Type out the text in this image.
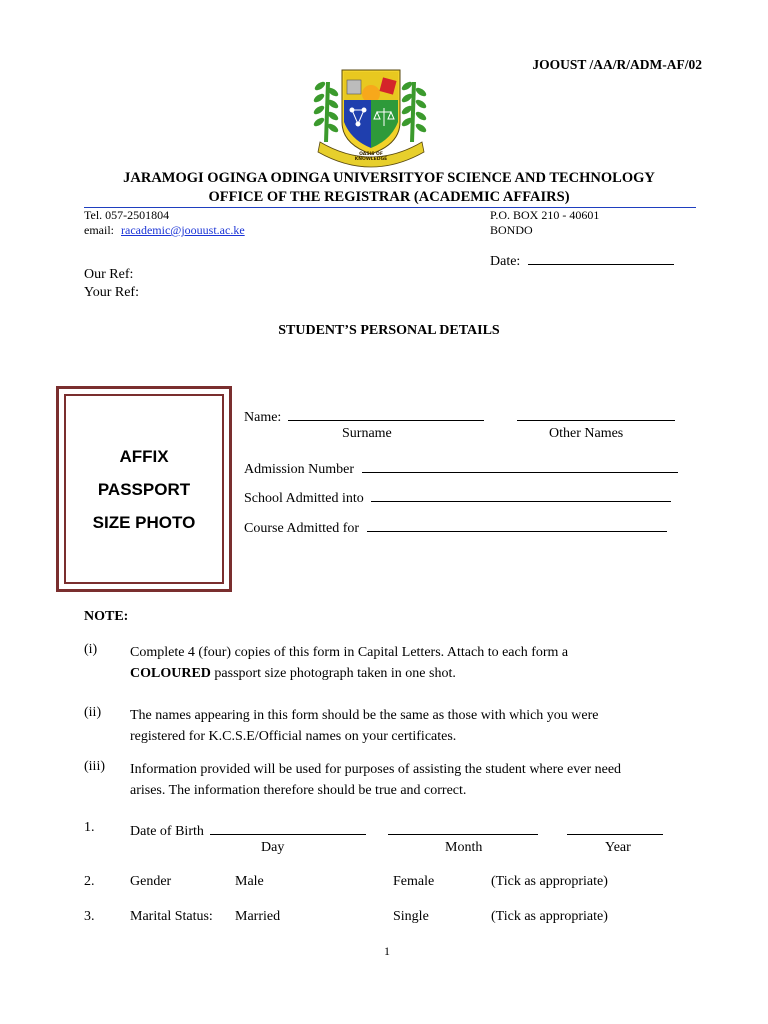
JOOUST /AA/R/ADM-AF/02
OASIS OF KNOWLEDGE
JARAMOGI OGINGA ODINGA UNIVERSITYOF SCIENCE AND TECHNOLOGY
OFFICE OF THE REGISTRAR (ACADEMIC AFFAIRS)
Tel. 057-2501804
email: racademic@joouust.ac.ke
P.O. BOX 210 - 40601
BONDO
Date:
Our Ref:
Your Ref:
STUDENT’S PERSONAL DETAILS
AFFIX
PASSPORT
SIZE PHOTO
Name:
Surname	Other Names
Admission Number
School Admitted into
Course Admitted for
NOTE:
(i) Complete 4 (four) copies of this form in Capital Letters. Attach to each form a
COLOURED passport size photograph taken in one shot.
(ii) The names appearing in this form should be the same as those with which you were
registered for K.C.S.E/Official names on your certificates.
(iii) Information provided will be used for purposes of assisting the student where ever need
arises. The information therefore should be true and correct.
1.	Date of Birth
Day	Month	Year
2.	Gender	Male	Female	(Tick as appropriate)
3.	Marital Status: Married	Single	(Tick as appropriate)
1
